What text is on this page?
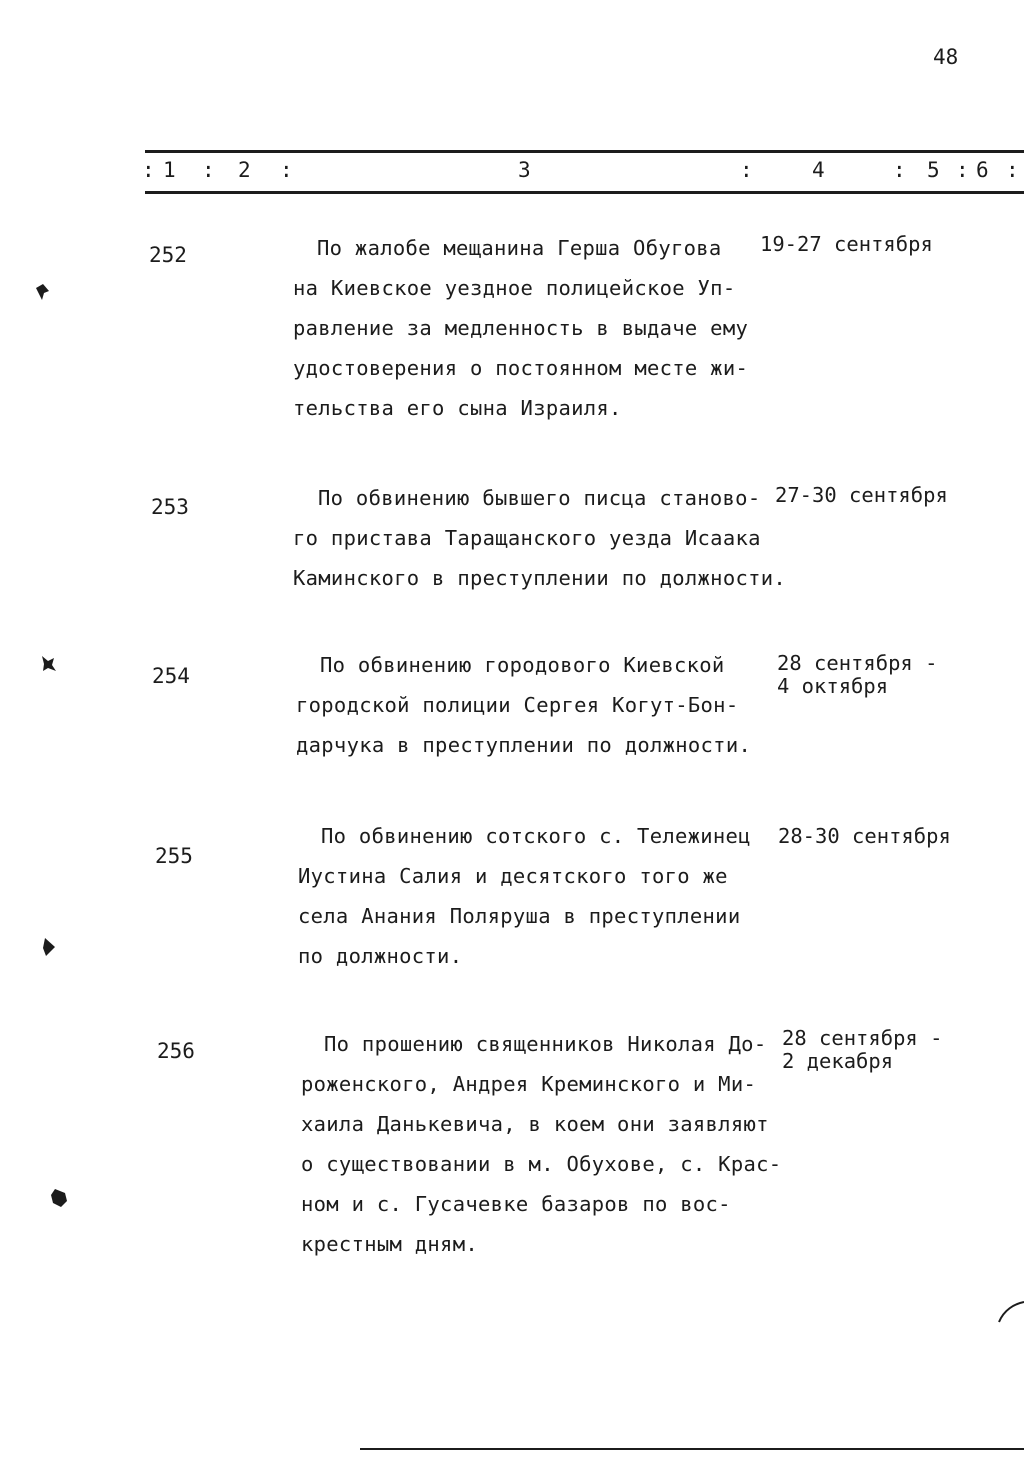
48
: 1 : 2 :	3	:	4	: 5 : 6 :
252	По жалобе мещанина Герша Обугова
на Киевское уездное полицейское Уп-
равление за медленность в выдаче ему
удостоверения о постоянном месте жи-
тельства его сына Израиля.
19-27 сентября
253	По обвинению бывшего писца становo-
го пристава Таращанского уезда Исаака
Каминского в преступлении по должности.
27-30 сентября
254	По обвинению городового Киевской
городской полиции Сергея Когут-Бон-
дарчука в преступлении по должности.
28 сентября -
4 октября
255
По обвинению сотского с. Тележинец
Иустина Салия и десятского того же
села Анания Поляруша в преступлении
по должности.
28-30 сентября
256	По прошению священников Николая До-
роженского, Андрея Креминского и Ми-
хаила Данькевича, в коем они заявляют
о существовании в м. Обухове, с. Крас-
ном и с. Гусачевке базаров по вос-
крестным дням.
28 сентября -
2 декабря
